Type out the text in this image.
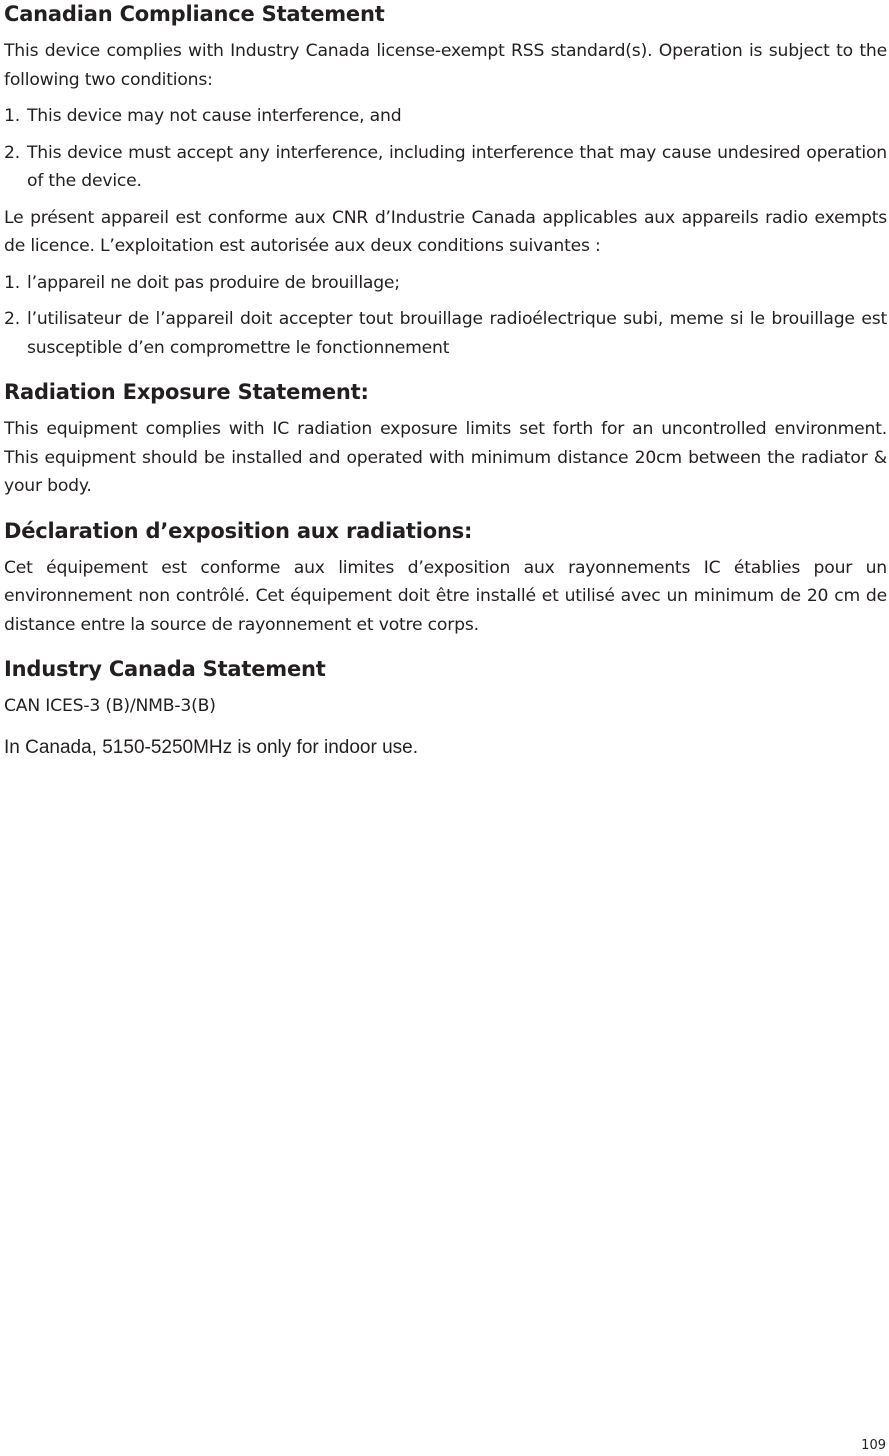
Canadian Compliance Statement

This device complies with Industry Canada license-exempt RSS standard(s). Operation is subject to the following two conditions:

1. This device may not cause interference, and
2. This device must accept any interference, including interference that may cause undesired operation of the device.

Le présent appareil est conforme aux CNR d’Industrie Canada applicables aux appareils radio exempts de licence. L’exploitation est autorisée aux deux conditions suivantes :

1. l’appareil ne doit pas produire de brouillage;
2. l’utilisateur de l’appareil doit accepter tout brouillage radioélectrique subi, meme si le brouillage est susceptible d’en compromettre le fonctionnement
Radiation Exposure Statement:

This equipment complies with IC radiation exposure limits set forth for an uncontrolled environment. This equipment should be installed and operated with minimum distance 20cm between the radiator & your body.

Déclaration d’exposition aux radiations:

Cet équipement est conforme aux limites d’exposition aux rayonnements IC établies pour un environnement non contrôlé. Cet équipement doit être installé et utilisé avec un minimum de 20 cm de distance entre la source de rayonnement et votre corps.

Industry Canada Statement

CAN ICES-3 (B)/NMB-3(B)

In Canada, 5150-5250MHz is only for indoor use.

109
